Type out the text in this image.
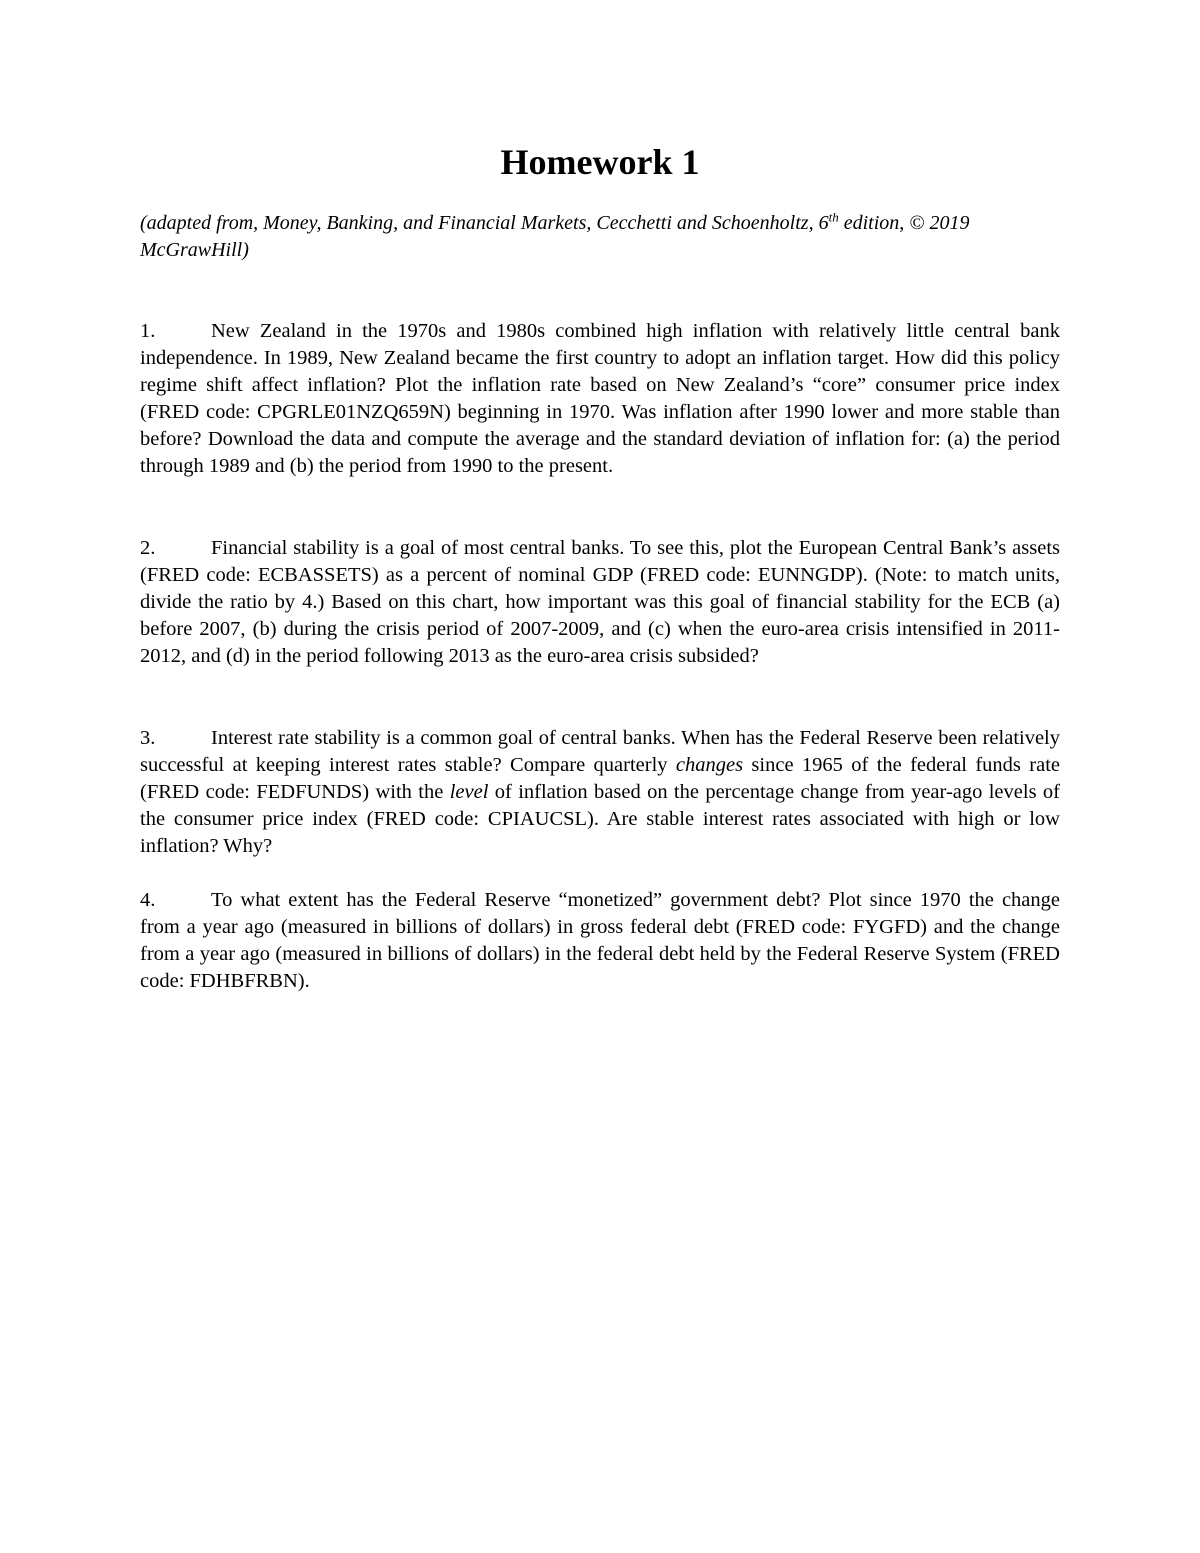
Homework 1

(adapted from, Money, Banking, and Financial Markets, Cecchetti and Schoenholtz, 6th edition, © 2019 McGrawHill)

1.	New Zealand in the 1970s and 1980s combined high inflation with relatively little central bank independence. In 1989, New Zealand became the first country to adopt an inflation target. How did this policy regime shift affect inflation? Plot the inflation rate based on New Zealand’s “core” consumer price index (FRED code: CPGRLE01NZQ659N) beginning in 1970. Was inflation after 1990 lower and more stable than before? Download the data and compute the average and the standard deviation of inflation for: (a) the period through 1989 and (b) the period from 1990 to the present.

2.	Financial stability is a goal of most central banks. To see this, plot the European Central Bank’s assets (FRED code: ECBASSETS) as a percent of nominal GDP (FRED code: EUNNGDP). (Note: to match units, divide the ratio by 4.) Based on this chart, how important was this goal of financial stability for the ECB (a) before 2007, (b) during the crisis period of 2007-2009, and (c) when the euro-area crisis intensified in 2011-2012, and (d) in the period following 2013 as the euro-area crisis subsided?

3.	Interest rate stability is a common goal of central banks. When has the Federal Reserve been relatively successful at keeping interest rates stable? Compare quarterly changes since 1965 of the federal funds rate (FRED code: FEDFUNDS) with the level of inflation based on the percentage change from year-ago levels of the consumer price index (FRED code: CPIAUCSL). Are stable interest rates associated with high or low inflation? Why?

4.	To what extent has the Federal Reserve “monetized” government debt? Plot since 1970 the change from a year ago (measured in billions of dollars) in gross federal debt (FRED code: FYGFD) and the change from a year ago (measured in billions of dollars) in the federal debt held by the Federal Reserve System (FRED code: FDHBFRBN).
